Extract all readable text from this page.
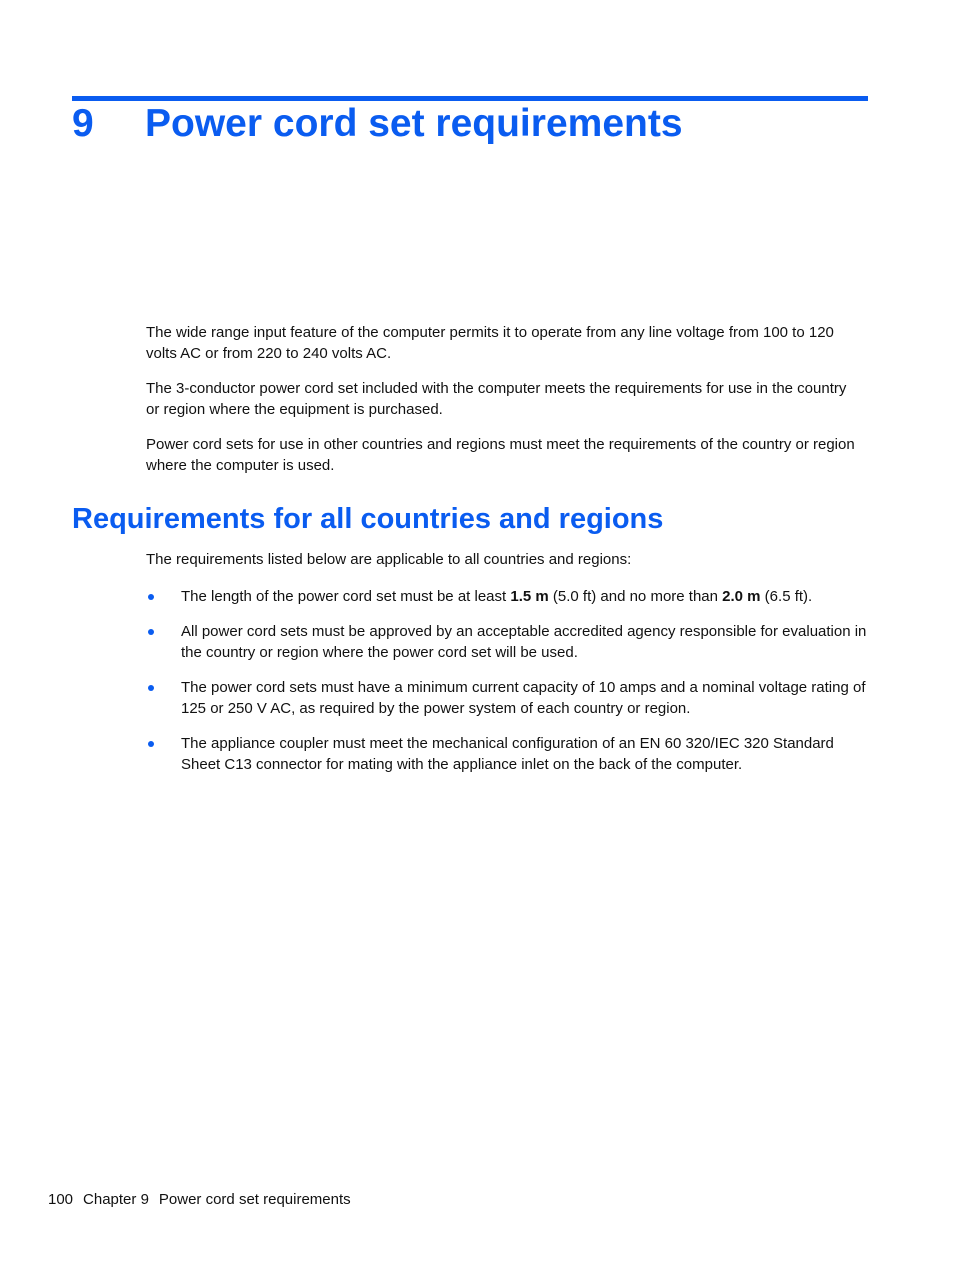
9 Power cord set requirements

The wide range input feature of the computer permits it to operate from any line voltage from 100 to 120 volts AC or from 220 to 240 volts AC.

The 3-conductor power cord set included with the computer meets the requirements for use in the country or region where the equipment is purchased.

Power cord sets for use in other countries and regions must meet the requirements of the country or region where the computer is used.

Requirements for all countries and regions

The requirements listed below are applicable to all countries and regions:

The length of the power cord set must be at least 1.5 m (5.0 ft) and no more than 2.0 m (6.5 ft).
All power cord sets must be approved by an acceptable accredited agency responsible for evaluation in the country or region where the power cord set will be used.
The power cord sets must have a minimum current capacity of 10 amps and a nominal voltage rating of 125 or 250 V AC, as required by the power system of each country or region.
The appliance coupler must meet the mechanical configuration of an EN 60 320/IEC 320 Standard Sheet C13 connector for mating with the appliance inlet on the back of the computer.
100 Chapter 9 Power cord set requirements
